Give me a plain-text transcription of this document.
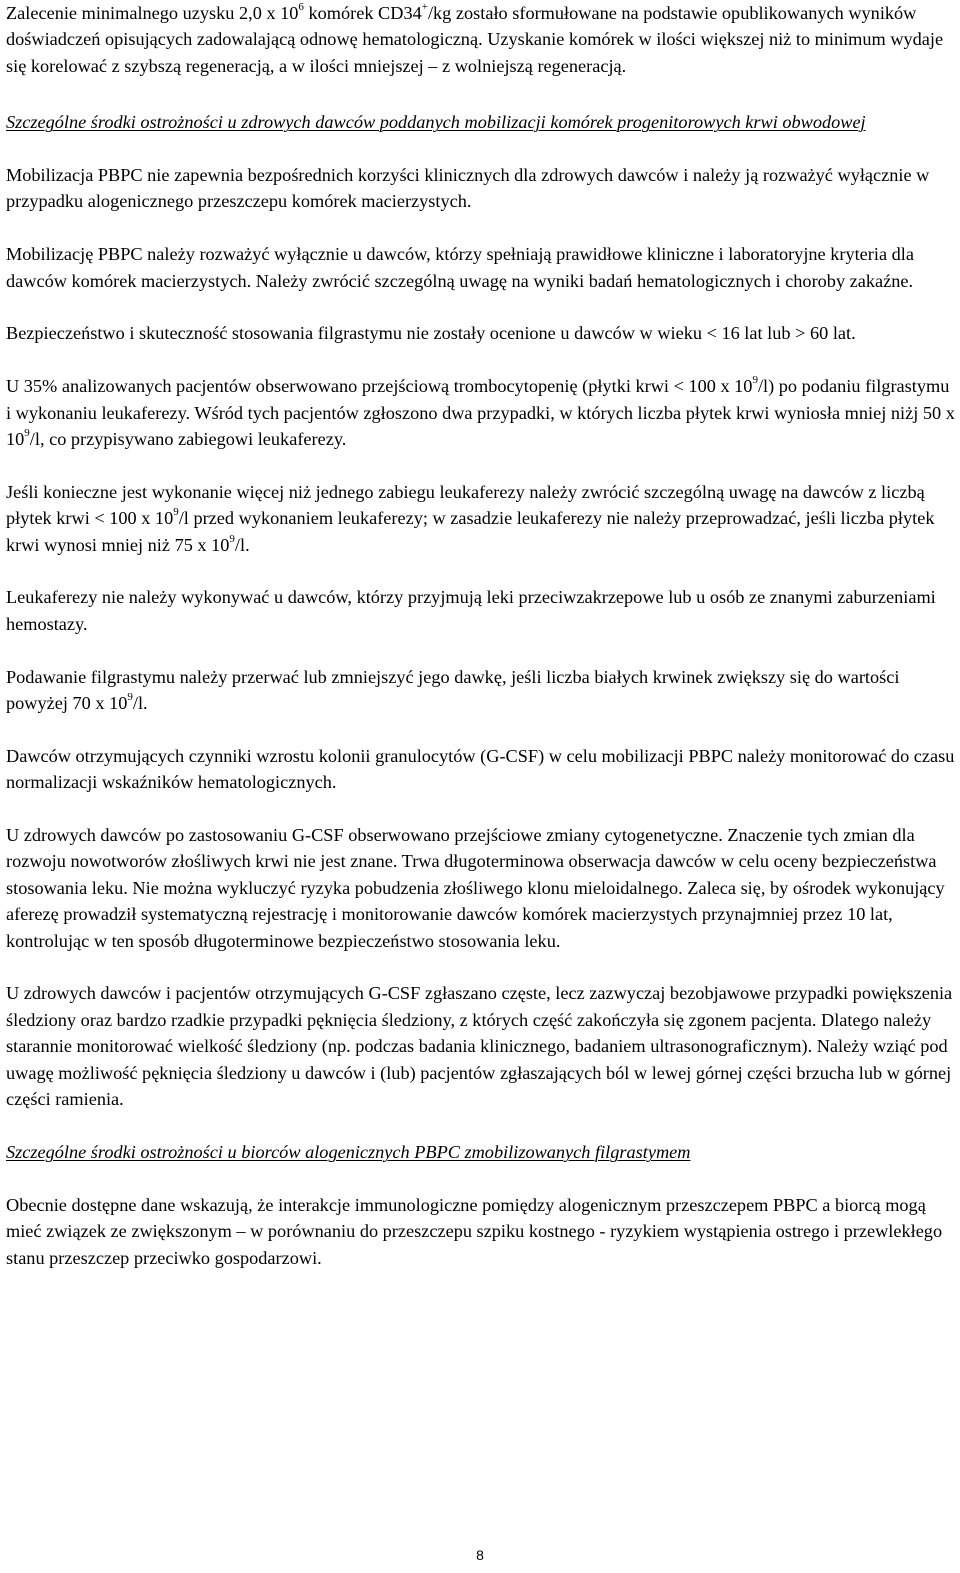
Zalecenie minimalnego uzysku 2,0 x $10^6$ komórek CD34+/kg zostało sformułowane na podstawie opublikowanych wyników doświadczeń opisujących zadowalającą odnowę hematologiczną. Uzyskanie komórek w ilości większej niż to minimum wydaje się korelować z szybszą regeneracją, a w ilości mniejszej – z wolniejszą regeneracją.

Szczególne środki ostrożności u zdrowych dawców poddanych mobilizacji komórek progenitorowych krwi obwodowej

Mobilizacja PBPC nie zapewnia bezpośrednich korzyści klinicznych dla zdrowych dawców i należy ją rozważyć wyłącznie w przypadku alogenicznego przeszczepu komórek macierzystych.

Mobilizację PBPC należy rozważyć wyłącznie u dawców, którzy spełniają prawidłowe kliniczne i laboratoryjne kryteria dla dawców komórek macierzystych. Należy zwrócić szczególną uwagę na wyniki badań hematologicznych i choroby zakaźne.

Bezpieczeństwo i skuteczność stosowania filgrastymu nie zostały ocenione u dawców w wieku < 16 lat lub > 60 lat.

U 35% analizowanych pacjentów obserwowano przejściową trombocytopenię (płytki krwi < 100 x $10^9/l$) po podaniu filgrastymu i wykonaniu leukaferezy. Wśród tych pacjentów zgłoszono dwa przypadki, w których liczba płytek krwi wyniosła mniej niżj 50 x $10^9/l$, co przypisywano zabiegowi leukaferezy.

Jeśli konieczne jest wykonanie więcej niż jednego zabiegu leukaferezy należy zwrócić szczególną uwagę na dawców z liczbą płytek krwi < 100 x $10^9/l$ przed wykonaniem leukaferezy; w zasadzie leukaferezy nie należy przeprowadzać, jeśli liczba płytek krwi wynosi mniej niż 75 x $10^9/l$.

Leukaferezy nie należy wykonywać u dawców, którzy przyjmują leki przeciwzakrzepowe lub u osób ze znanymi zaburzeniami hemostazy.

Podawanie filgrastymu należy przerwać lub zmniejszyć jego dawkę, jeśli liczba białych krwinek zwiększy się do wartości powyżej 70 x $10^9/l$.

Dawców otrzymujących czynniki wzrostu kolonii granulocytów (G-CSF) w celu mobilizacji PBPC należy monitorować do czasu normalizacji wskaźników hematologicznych.

U zdrowych dawców po zastosowaniu G-CSF obserwowano przejściowe zmiany cytogenetyczne. Znaczenie tych zmian dla rozwoju nowotworów złośliwych krwi nie jest znane. Trwa długoterminowa obserwacja dawców w celu oceny bezpieczeństwa stosowania leku. Nie można wykluczyć ryzyka pobudzenia złośliwego klonu mieloidalnego. Zaleca się, by ośrodek wykonujący aferezę prowadził systematyczną rejestrację i monitorowanie dawców komórek macierzystych przynajmniej przez 10 lat, kontrolując w ten sposób długoterminowe bezpieczeństwo stosowania leku.

U zdrowych dawców i pacjentów otrzymujących G-CSF zgłaszano częste, lecz zazwyczaj bezobjawowe przypadki powiększenia śledziony oraz bardzo rzadkie przypadki pęknięcia śledziony, z których część zakończyła się zgonem pacjenta. Dlatego należy starannie monitorować wielkość śledziony (np. podczas badania klinicznego, badaniem ultrasonograficznym). Należy wziąć pod uwagę możliwość pęknięcia śledziony u dawców i (lub) pacjentów zgłaszających ból w lewej górnej części brzucha lub w górnej części ramienia.

Szczególne środki ostrożności u biorców alogenicznych PBPC zmobilizowanych filgrastymem

Obecnie dostępne dane wskazują, że interakcje immunologiczne pomiędzy alogenicznym przeszczepem PBPC a biorcą mogą mieć związek ze zwiększonym – w porównaniu do przeszczepu szpiku kostnego - ryzykiem wystąpienia ostrego i przewlekłego stanu przeszczep przeciwko gospodarzowi.

8
